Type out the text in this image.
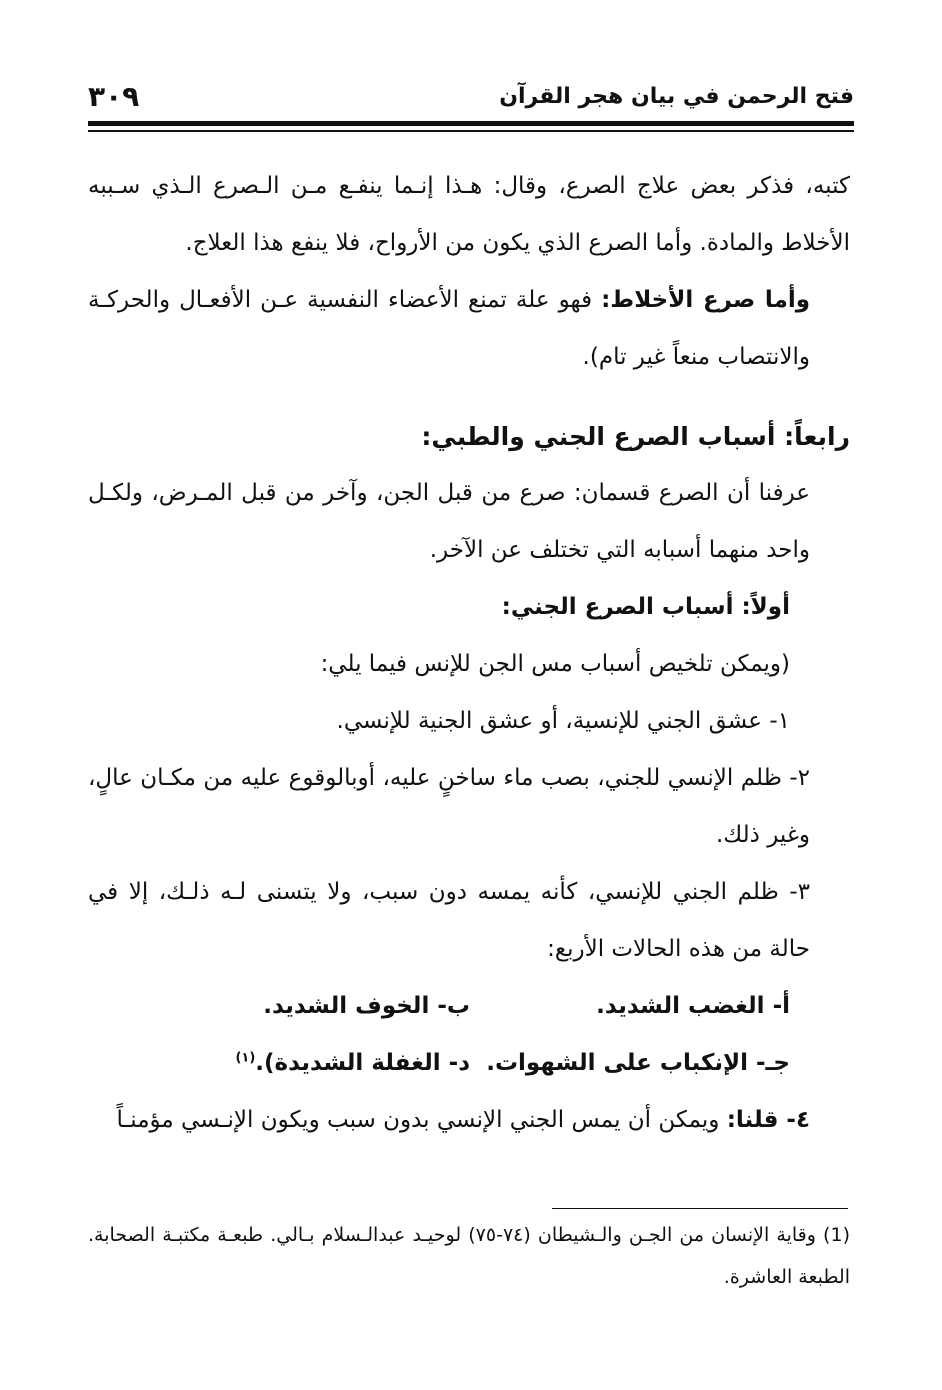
فتح الرحمن في بيان هجر القرآن
٣٠٩

كتبه، فذكر بعض علاج الصرع، وقال: هـذا إنـما ينفـع مـن الـصرع الـذي سـببه الأخلاط والمادة. وأما الصرع الذي يكون من الأرواح، فلا ينفع هذا العلاج.

وأما صرع الأخلاط: فهو علة تمنع الأعضاء النفسية عـن الأفعـال والحركـة والانتصاب منعاً غير تام).

رابعاً: أسباب الصرع الجني والطبي:

عرفنا أن الصرع قسمان: صرع من قبل الجن، وآخر من قبل المـرض، ولكـل واحد منهما أسبابه التي تختلف عن الآخر.

أولاً: أسباب الصرع الجني:

(ويمكن تلخيص أسباب مس الجن للإنس فيما يلي:

١- عشق الجني للإنسية، أو عشق الجنية للإنسي.

٢- ظلم الإنسي للجني، بصب ماء ساخنٍ عليه، أوبالوقوع عليه من مكـان عالٍ، وغير ذلك.

٣- ظلم الجني للإنسي، كأنه يمسه دون سبب، ولا يتسنى لـه ذلـك، إلا في حالة من هذه الحالات الأربع:

أ- الغضب الشديد.
ب- الخوف الشديد.
جـ- الإنكباب على الشهوات.
د- الغفلة الشديدة).$^{(١)}$

٤- قلنا: ويمكن أن يمس الجني الإنسي بدون سبب ويكون الإنـسي مؤمنـاً

(1) وقاية الإنسان من الجـن والـشيطان (٧٤-٧٥) لوحيـد عبدالـسلام بـالي. طبعـة مكتبـة الصحابة. الطبعة العاشرة.
